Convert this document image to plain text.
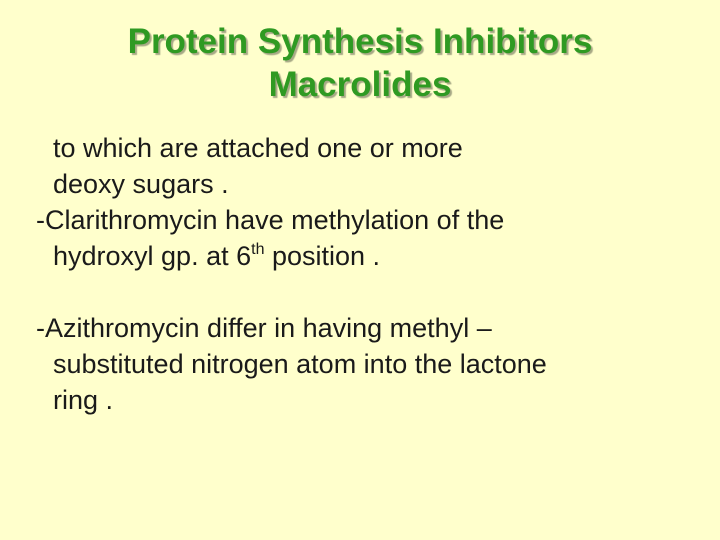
Protein Synthesis Inhibitors
Macrolides
to which are attached one or more
deoxy sugars .
-Clarithromycin have methylation of the
hydroxyl gp. at 6th position .
-Azithromycin differ in having methyl –
substituted nitrogen atom into the lactone
ring .
